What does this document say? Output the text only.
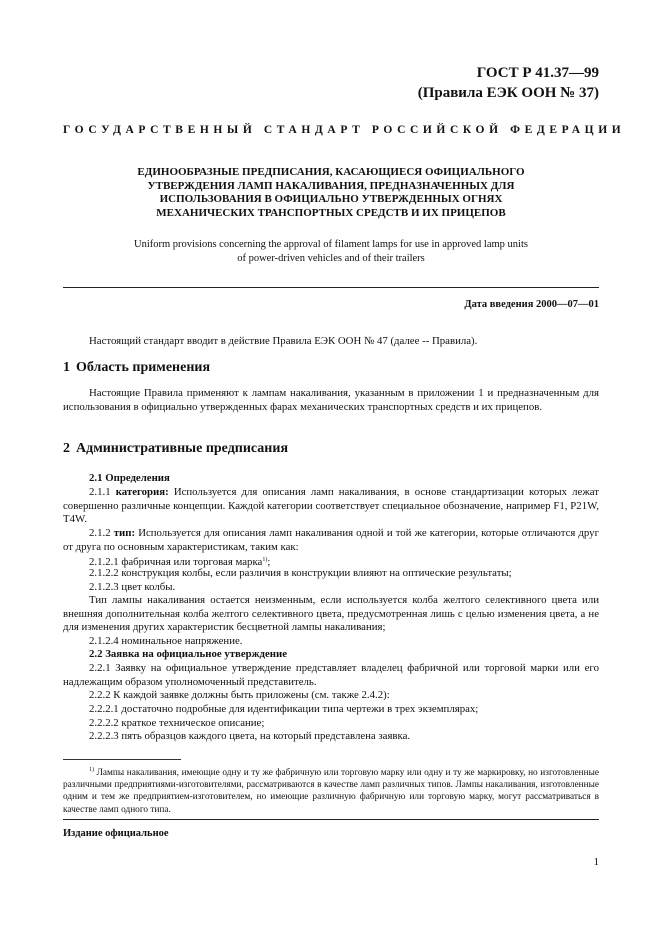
ГОСТ Р 41.37—99
(Правила ЕЭК ООН № 37)
ГОСУДАРСТВЕННЫЙ СТАНДАРТ РОССИЙСКОЙ ФЕДЕРАЦИИ
ЕДИНООБРАЗНЫЕ ПРЕДПИСАНИЯ, КАСАЮЩИЕСЯ ОФИЦИАЛЬНОГО
УТВЕРЖДЕНИЯ ЛАМП НАКАЛИВАНИЯ, ПРЕДНАЗНАЧЕННЫХ ДЛЯ
ИСПОЛЬЗОВАНИЯ В ОФИЦИАЛЬНО УТВЕРЖДЕННЫХ ОГНЯХ
МЕХАНИЧЕСКИХ ТРАНСПОРТНЫХ СРЕДСТВ И ИХ ПРИЦЕПОВ
Uniform provisions concerning the approval of filament lamps for use in approved lamp units
of power-driven vehicles and of their trailers
Дата введения 2000—07—01
Настоящий стандарт вводит в действие Правила ЕЭК ООН № 47 (далее -- Правила).
1 Область применения
Настоящие Правила применяют к лампам накаливания, указанным в приложении 1 и предназначенным для использования в официально утвержденных фарах механических транспортных средств и их прицепов.
2 Административные предписания
2.1 Определения
2.1.1 категория: Используется для описания ламп накаливания, в основе стандартизации которых лежат совершенно различные концепции. Каждой категории соответствует специальное обозначение, например F1, P21W, T4W.
2.1.2 тип: Используется для описания ламп накаливания одной и той же категории, которые отличаются друг от друга по основным характеристикам, таким как:
2.1.2.1 фабричная или торговая марка$^{1)}$;
2.1.2.2 конструкция колбы, если различия в конструкции влияют на оптические результаты;
2.1.2.3 цвет колбы.
Тип лампы накаливания остается неизменным, если используется колба желтого селективного цвета или внешняя дополнительная колба желтого селективного цвета, предусмотренная лишь с целью изменения цвета, а не для изменения других характеристик бесцветной лампы накаливания;
2.1.2.4 номинальное напряжение.
2.2 Заявка на официальное утверждение
2.2.1 Заявку на официальное утверждение представляет владелец фабричной или торговой марки или его надлежащим образом уполномоченный представитель.
2.2.2 К каждой заявке должны быть приложены (см. также 2.4.2):
2.2.2.1 достаточно подробные для идентификации типа чертежи в трех экземплярах;
2.2.2.2 краткое техническое описание;
2.2.2.3 пять образцов каждого цвета, на который представлена заявка.
$^{1)}$ Лампы накаливания, имеющие одну и ту же фабричную или торговую марку или одну и ту же маркировку, но изготовленные различными предприятиями-изготовителями, рассматриваются в качестве ламп различных типов. Лампы накаливания, изготовленные одним и тем же предприятием-изготовителем, но имеющие различную фабричную или торговую марку, могут рассматриваться в качестве ламп одного типа.
Издание официальное
1
